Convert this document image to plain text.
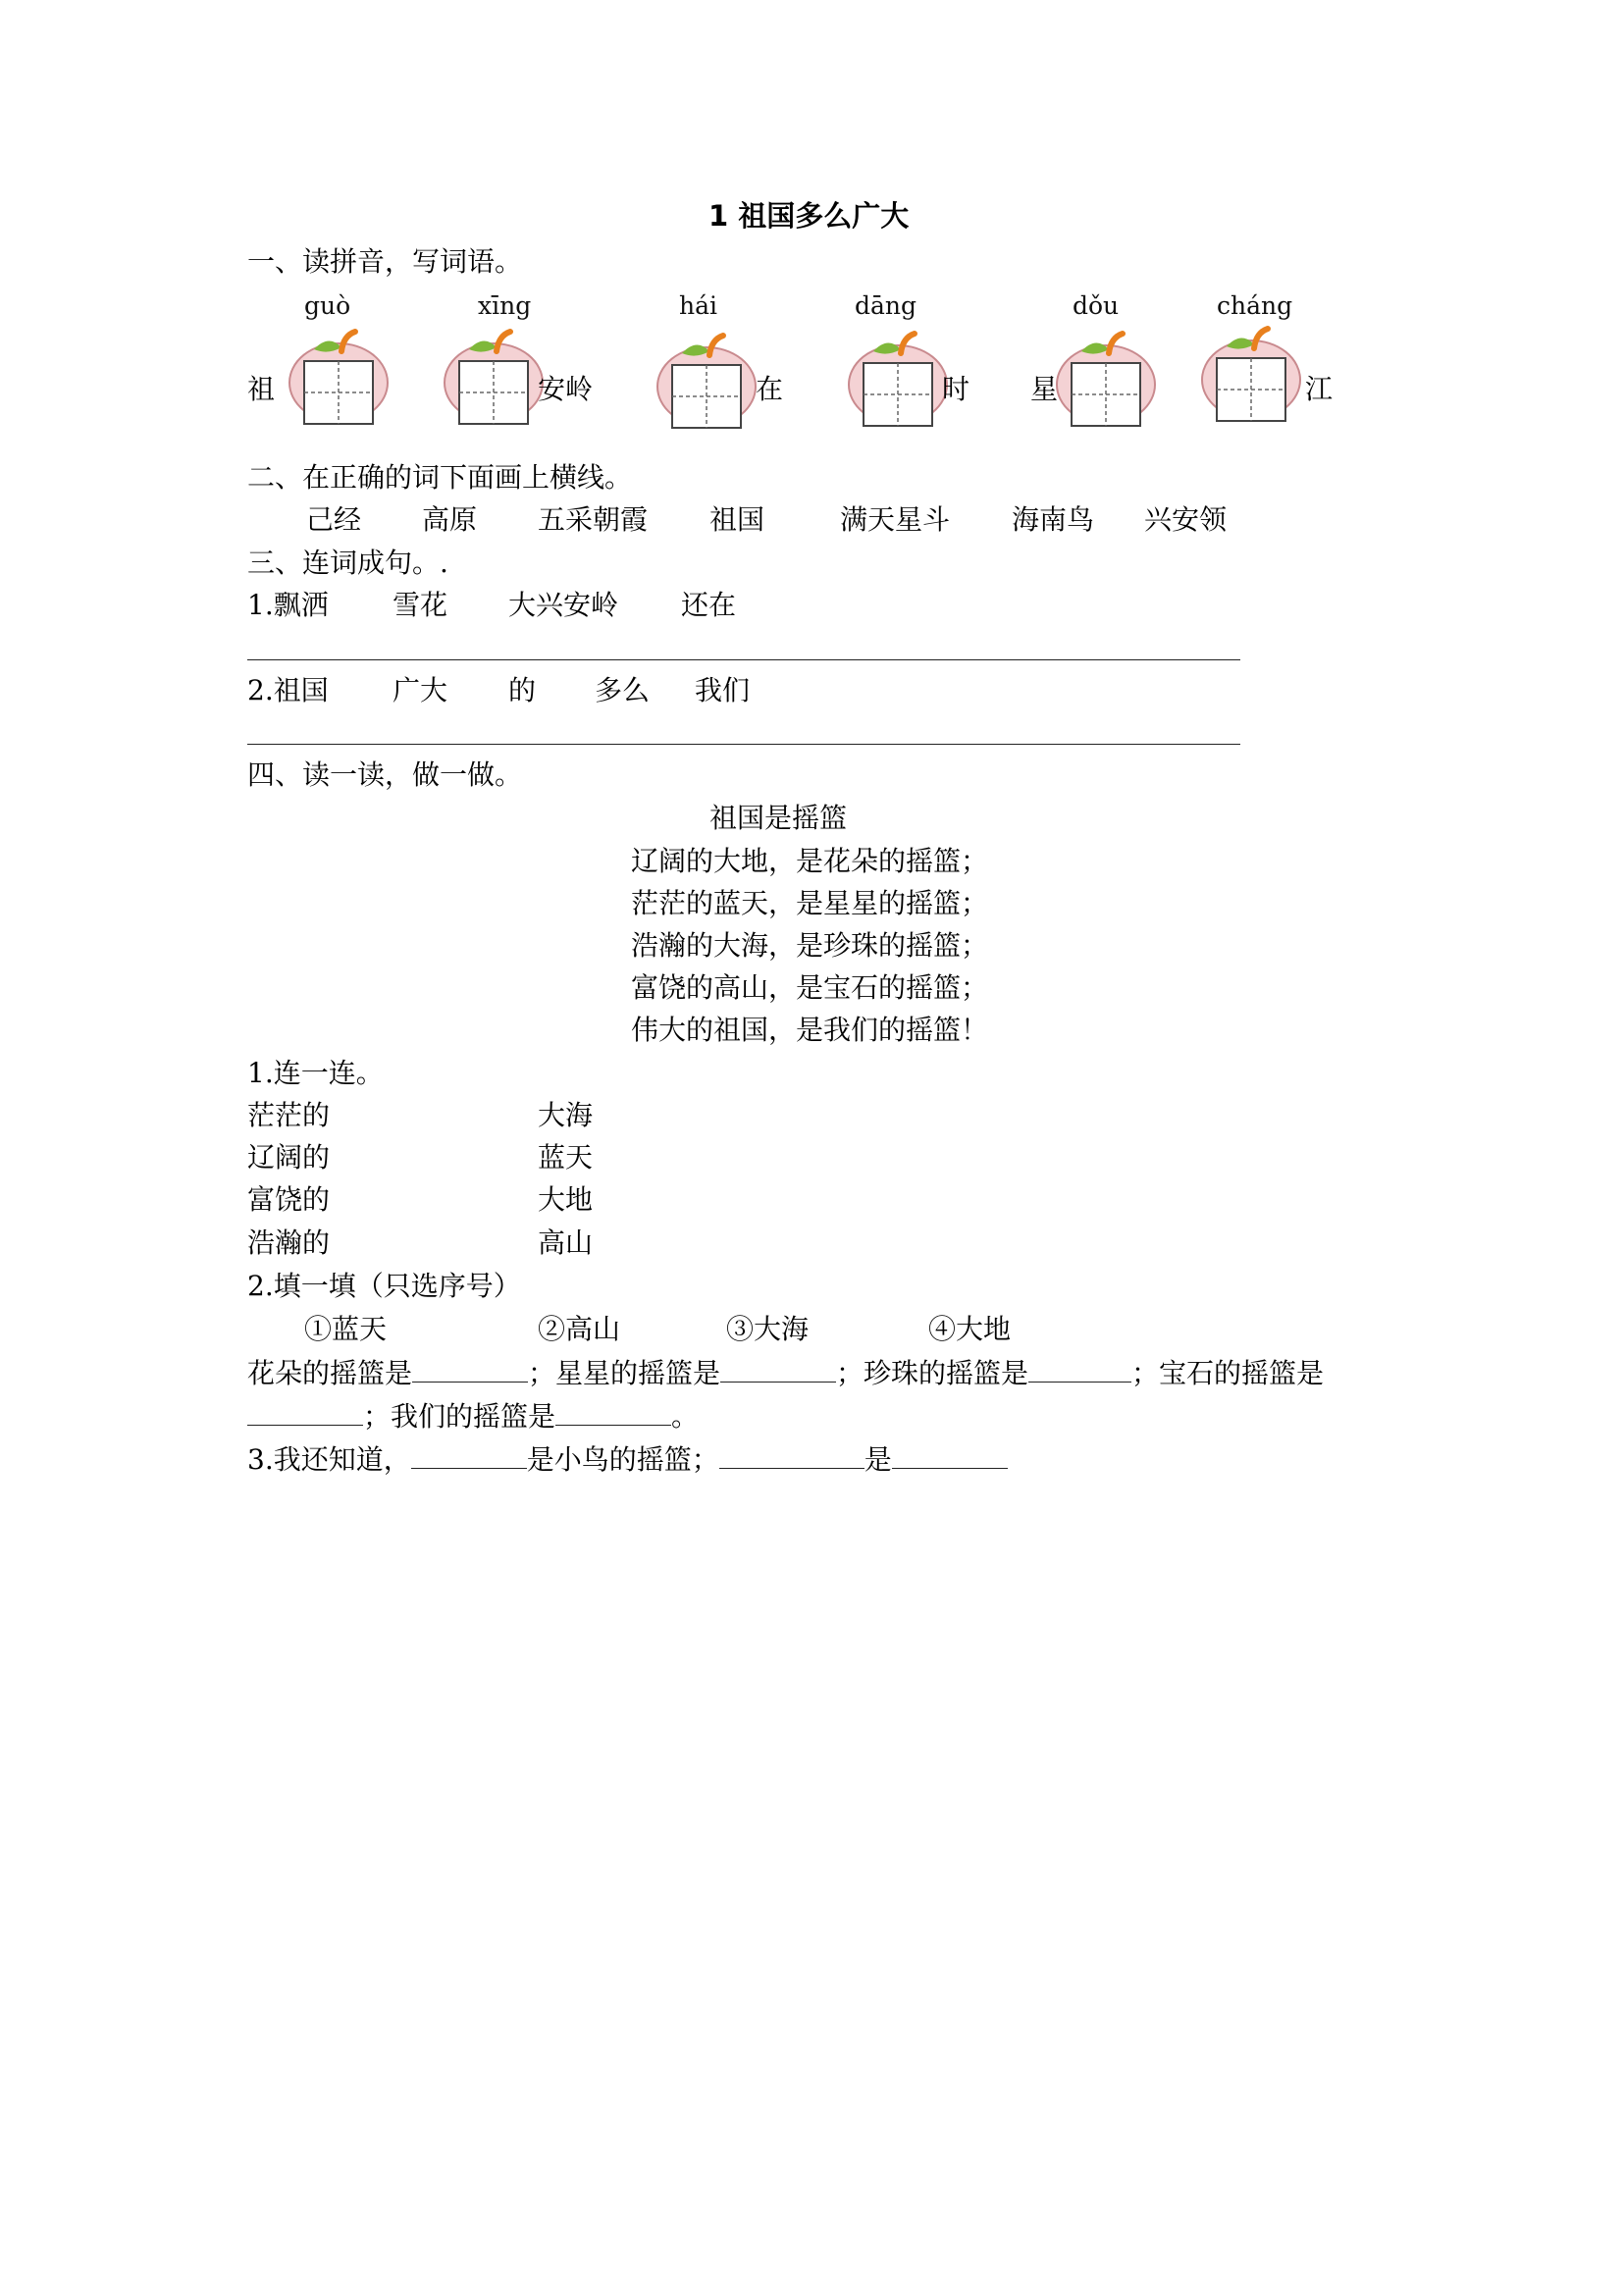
1 祖国多么广大
一、读拼音，写词语。
guò	xīng	hái	dāng	dǒu	cháng
祖	安岭	在	时 星	江
二、在正确的词下面画上横线。
己经 高原 五采朝霞 祖国	满天星斗 海南鸟 兴安领
三、连词成句。.
1.飘洒 雪花 大兴安岭 还在
2.祖国 广大 的 多么 我们
四、读一读，做一做。
祖国是摇篮
辽阔的大地，是花朵的摇篮；
茫茫的蓝天，是星星的摇篮；
浩瀚的大海，是珍珠的摇篮；
富饶的高山，是宝石的摇篮；
伟大的祖国，是我们的摇篮！
1.连一连。
茫茫的	大海
辽阔的	蓝天
富饶的	大地
浩瀚的	高山
2.填一填（只选序号）
①蓝天	②高山	③大海	④大地
花朵的摇篮是	；星星的摇篮是	；珍珠的摇篮是	；宝石的摇篮是
；我们的摇篮是	。
3.我还知道，	是小鸟的摇篮；	是
